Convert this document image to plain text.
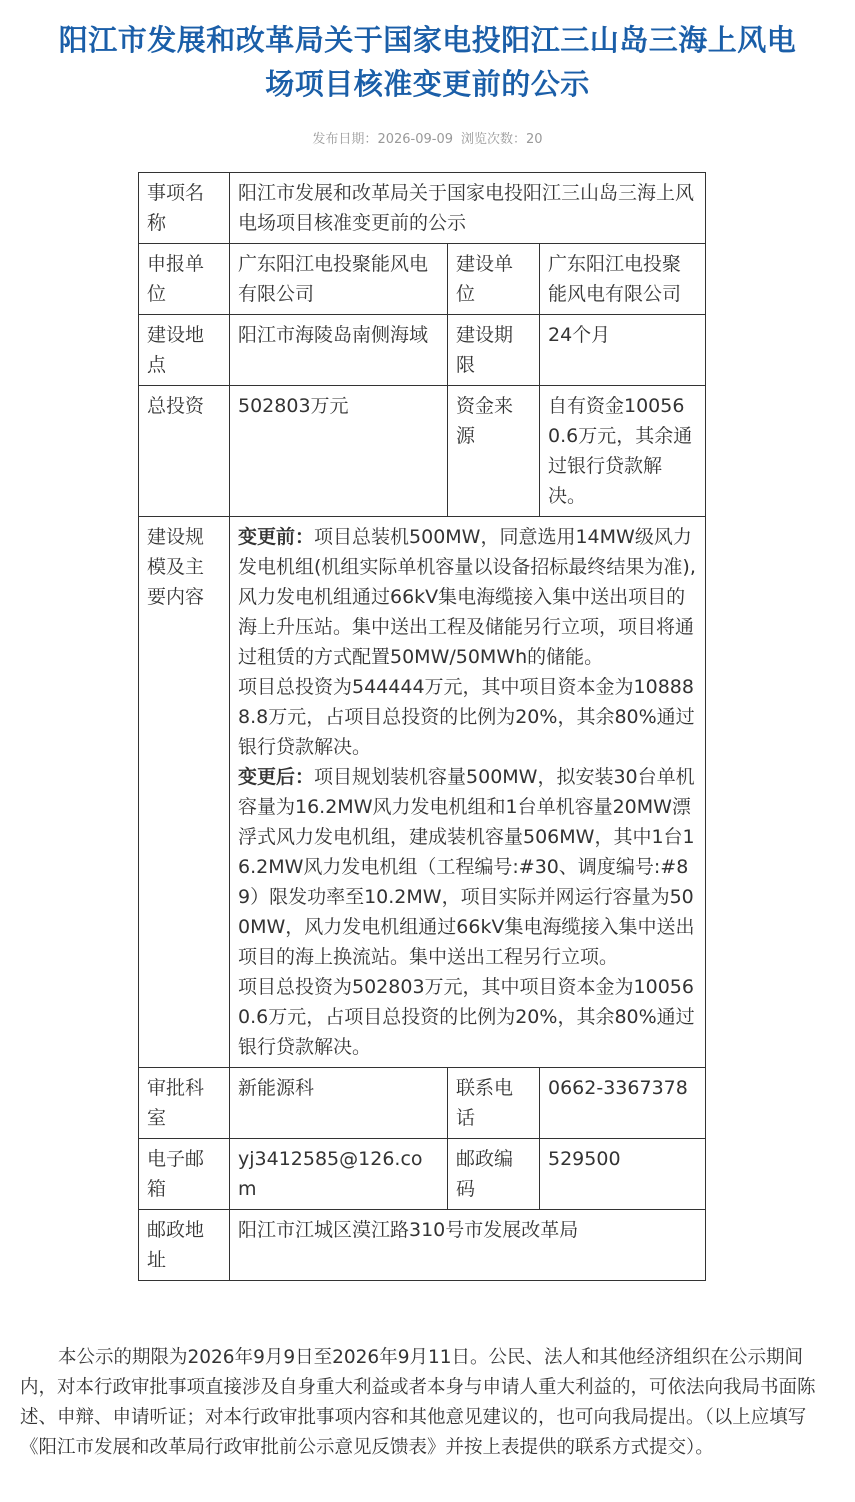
阳江市发展和改革局关于国家电投阳江三山岛三海上风电
场项目核准变更前的公示
发布日期：2026-09-09 浏览次数：20
事项名称	阳江市发展和改革局关于国家电投阳江三山岛三海上风电场项目核准变更前的公示		
申报单位	广东阳江电投聚能风电有限公司	建设单位	广东阳江电投聚能风电有限公司
建设地点	阳江市海陵岛南侧海域	建设期限	24个月
总投资	502803万元	资金来源	自有资金100560.6万元，其余通过银行贷款解决。
建设规模及主要内容	变更前：项目总装机500MW，同意选用14MW级风力发电机组(机组实际单机容量以设备招标最终结果为准),风力发电机组通过66kV集电海缆接入集中送出项目的海上升压站。集中送出工程及储能另行立项，项目将通过租赁的方式配置50MW/50MWh的储能。

项目总投资为544444万元，其中项目资本金为108888.8万元，占项目总投资的比例为20%，其余80%通过银行贷款解决。

变更后：项目规划装机容量500MW，拟安装30台单机容量为16.2MW风力发电机组和1台单机容量20MW漂浮式风力发电机组，建成装机容量506MW，其中1台16.2MW风力发电机组（工程编号:#30、调度编号:#89）限发功率至10.2MW，项目实际并网运行容量为500MW，风力发电机组通过66kV集电海缆接入集中送出项目的海上换流站。集中送出工程另行立项。

项目总投资为502803万元，其中项目资本金为100560.6万元，占项目总投资的比例为20%，其余80%通过银行贷款解决。		

审批科室	新能源科	联系电话	0662-3367378
电子邮箱	yj3412585@126.com	邮政编码	529500
邮政地址	阳江市江城区漠江路310号市发展改革局		

本公示的期限为2026年9月9日至2026年9月11日。公民、法人和其他经济组织在公示期间内，对本行政审批事项直接涉及自身重大利益或者本身与申请人重大利益的，可依法向我局书面陈述、申辩、申请听证；对本行政审批事项内容和其他意见建议的，也可向我局提出。（以上应填写《阳江市发展和改革局行政审批前公示意见反馈表》并按上表提供的联系方式提交）。
